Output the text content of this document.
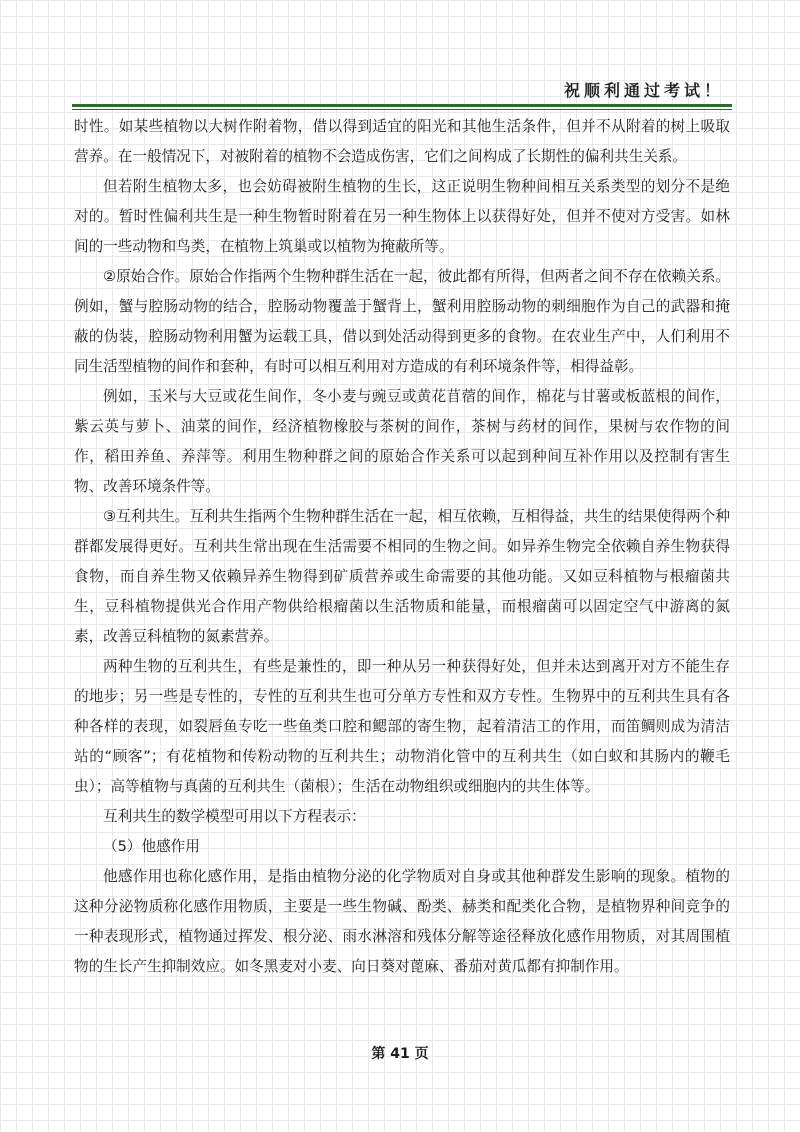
祝顺利通过考试！

时性。如某些植物以大树作附着物，借以得到适宜的阳光和其他生活条件，但并不从附着的树上吸取营养。在一般情况下，对被附着的植物不会造成伤害，它们之间构成了长期性的偏利共生关系。

但若附生植物太多，也会妨碍被附生植物的生长，这正说明生物种间相互关系类型的划分不是绝对的。暂时性偏利共生是一种生物暂时附着在另一种生物体上以获得好处，但并不使对方受害。如林间的一些动物和鸟类，在植物上筑巢或以植物为掩蔽所等。

②原始合作。原始合作指两个生物种群生活在一起，彼此都有所得，但两者之间不存在依赖关系。例如，蟹与腔肠动物的结合，腔肠动物覆盖于蟹背上，蟹利用腔肠动物的刺细胞作为自己的武器和掩蔽的伪装，腔肠动物利用蟹为运载工具，借以到处活动得到更多的食物。在农业生产中，人们利用不同生活型植物的间作和套种，有时可以相互利用对方造成的有利环境条件等，相得益彰。

例如，玉米与大豆或花生间作，冬小麦与豌豆或黄花苜蓿的间作，棉花与甘薯或板蓝根的间作，紫云英与萝卜、油菜的间作，经济植物橡胶与茶树的间作，茶树与药材的间作，果树与农作物的间作，稻田养鱼、养萍等。利用生物种群之间的原始合作关系可以起到种间互补作用以及控制有害生物、改善环境条件等。

③互利共生。互利共生指两个生物种群生活在一起，相互依赖，互相得益，共生的结果使得两个种群都发展得更好。互利共生常出现在生活需要不相同的生物之间。如异养生物完全依赖自养生物获得食物，而自养生物又依赖异养生物得到矿质营养或生命需要的其他功能。又如豆科植物与根瘤菌共生，豆科植物提供光合作用产物供给根瘤菌以生活物质和能量，而根瘤菌可以固定空气中游离的氮素，改善豆科植物的氮素营养。

两种生物的互利共生，有些是兼性的，即一种从另一种获得好处，但并未达到离开对方不能生存的地步；另一些是专性的，专性的互利共生也可分单方专性和双方专性。生物界中的互利共生具有各种各样的表现，如裂唇鱼专吃一些鱼类口腔和鳃部的寄生物，起着清洁工的作用，而笛鲷则成为清洁站的“顾客”；有花植物和传粉动物的互利共生；动物消化管中的互利共生（如白蚁和其肠内的鞭毛虫）；高等植物与真菌的互利共生（菌根）；生活在动物组织或细胞内的共生体等。

互利共生的数学模型可用以下方程表示：

（5）他感作用

他感作用也称化感作用，是指由植物分泌的化学物质对自身或其他种群发生影响的现象。植物的这种分泌物质称化感作用物质，主要是一些生物碱、酚类、赫类和配类化合物，是植物界种间竞争的一种表现形式，植物通过挥发、根分泌、雨水淋溶和残体分解等途径释放化感作用物质，对其周围植物的生长产生抑制效应。如冬黑麦对小麦、向日葵对蓖麻、番茄对黄瓜都有抑制作用。

第 41 页
